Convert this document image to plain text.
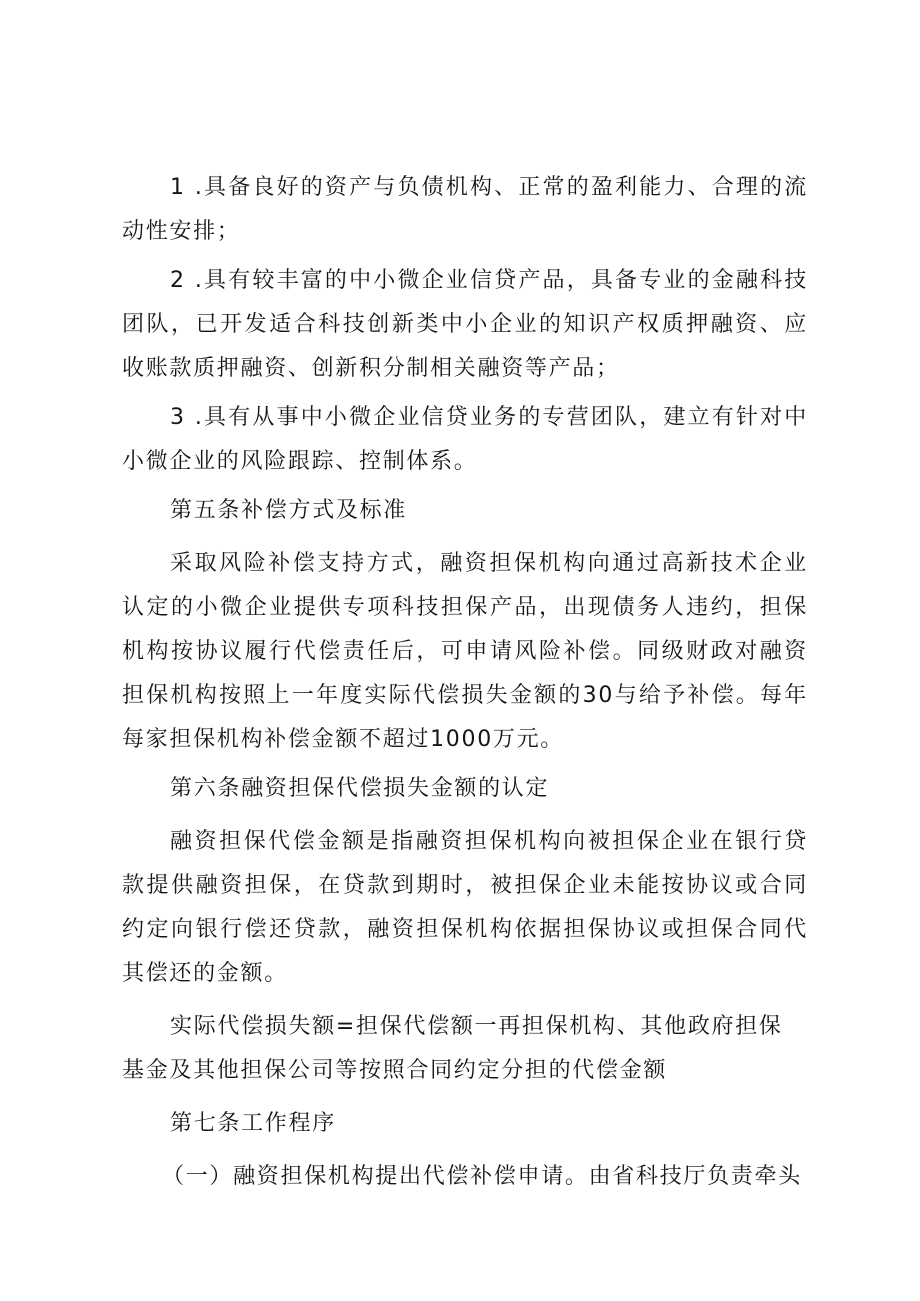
1 .具备良好的资产与负债机构、正常的盈利能力、合理的流动性安排；

2 .具有较丰富的中小微企业信贷产品，具备专业的金融科技团队，已开发适合科技创新类中小企业的知识产权质押融资、应收账款质押融资、创新积分制相关融资等产品；

3 .具有从事中小微企业信贷业务的专营团队，建立有针对中小微企业的风险跟踪、控制体系。

第五条补偿方式及标准

采取风险补偿支持方式，融资担保机构向通过高新技术企业认定的小微企业提供专项科技担保产品，出现债务人违约，担保机构按协议履行代偿责任后，可申请风险补偿。同级财政对融资担保机构按照上一年度实际代偿损失金额的30与给予补偿。每年每家担保机构补偿金额不超过1000万元。

第六条融资担保代偿损失金额的认定

融资担保代偿金额是指融资担保机构向被担保企业在银行贷款提供融资担保，在贷款到期时，被担保企业未能按协议或合同约定向银行偿还贷款，融资担保机构依据担保协议或担保合同代其偿还的金额。

实际代偿损失额=担保代偿额一再担保机构、其他政府担保

基金及其他担保公司等按照合同约定分担的代偿金额

第七条工作程序

（一）融资担保机构提出代偿补偿申请。由省科技厅负责牵头
